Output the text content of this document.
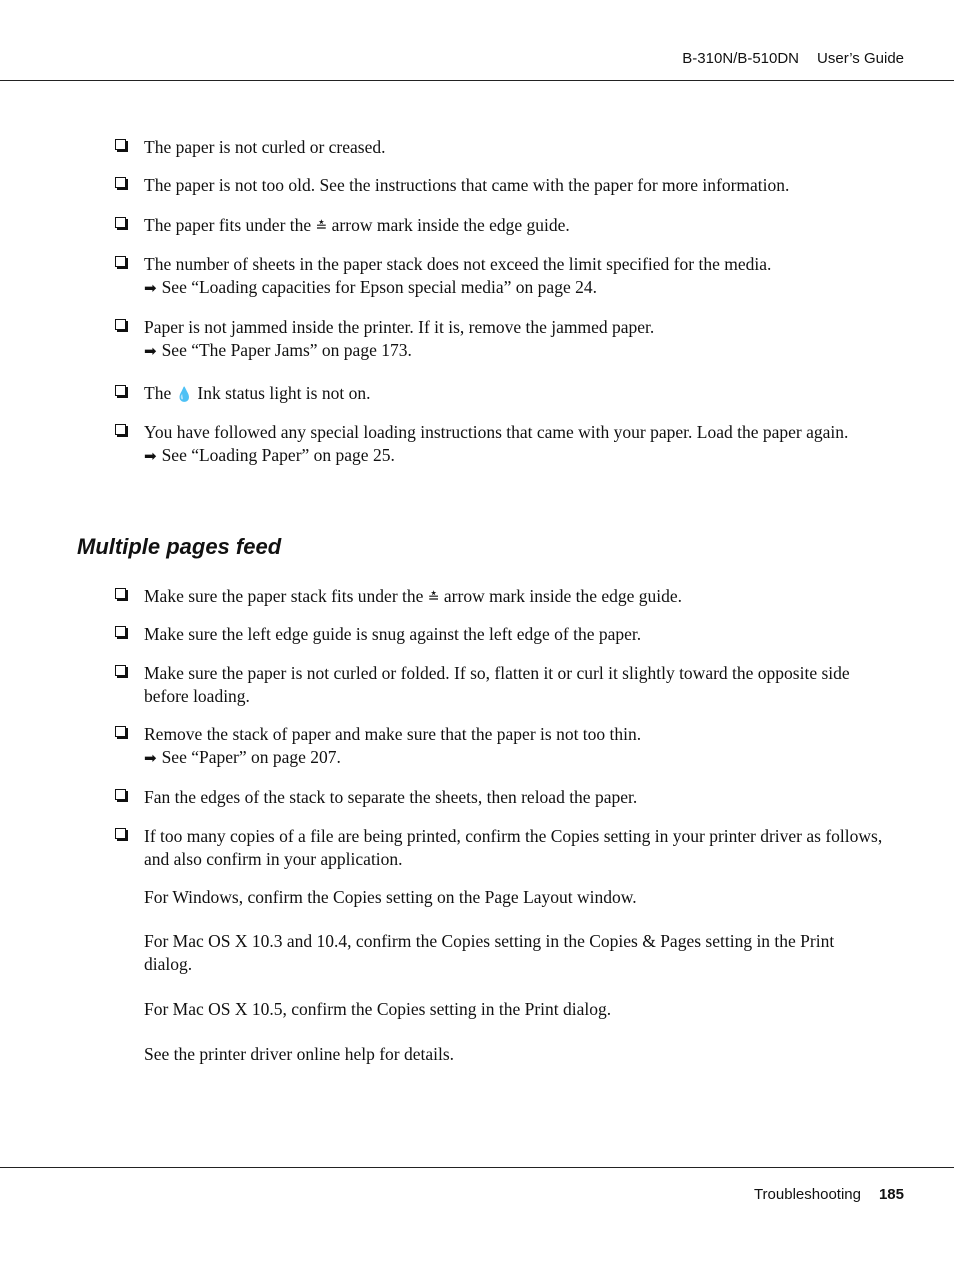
B-310N/B-510DN User’s Guide

The paper is not curled or creased.

The paper is not too old. See the instructions that came with the paper for more information.

The paper fits under the ≛ arrow mark inside the edge guide.

The number of sheets in the paper stack does not exceed the limit specified for the media.

➡ See “Loading capacities for Epson special media” on page 24.

Paper is not jammed inside the printer. If it is, remove the jammed paper.

➡ See “The Paper Jams” on page 173.

The 💧 Ink status light is not on.

You have followed any special loading instructions that came with your paper. Load the paper again.

➡ See “Loading Paper” on page 25.

Multiple pages feed

Make sure the paper stack fits under the ≛ arrow mark inside the edge guide.

Make sure the left edge guide is snug against the left edge of the paper.

Make sure the paper is not curled or folded. If so, flatten it or curl it slightly toward the opposite side before loading.

Remove the stack of paper and make sure that the paper is not too thin.

➡ See “Paper” on page 207.

Fan the edges of the stack to separate the sheets, then reload the paper.

If too many copies of a file are being printed, confirm the Copies setting in your printer driver as follows, and also confirm in your application.

For Windows, confirm the Copies setting on the Page Layout window.

For Mac OS X 10.3 and 10.4, confirm the Copies setting in the Copies & Pages setting in the Print dialog.

For Mac OS X 10.5, confirm the Copies setting in the Print dialog.

See the printer driver online help for details.

Troubleshooting 185
